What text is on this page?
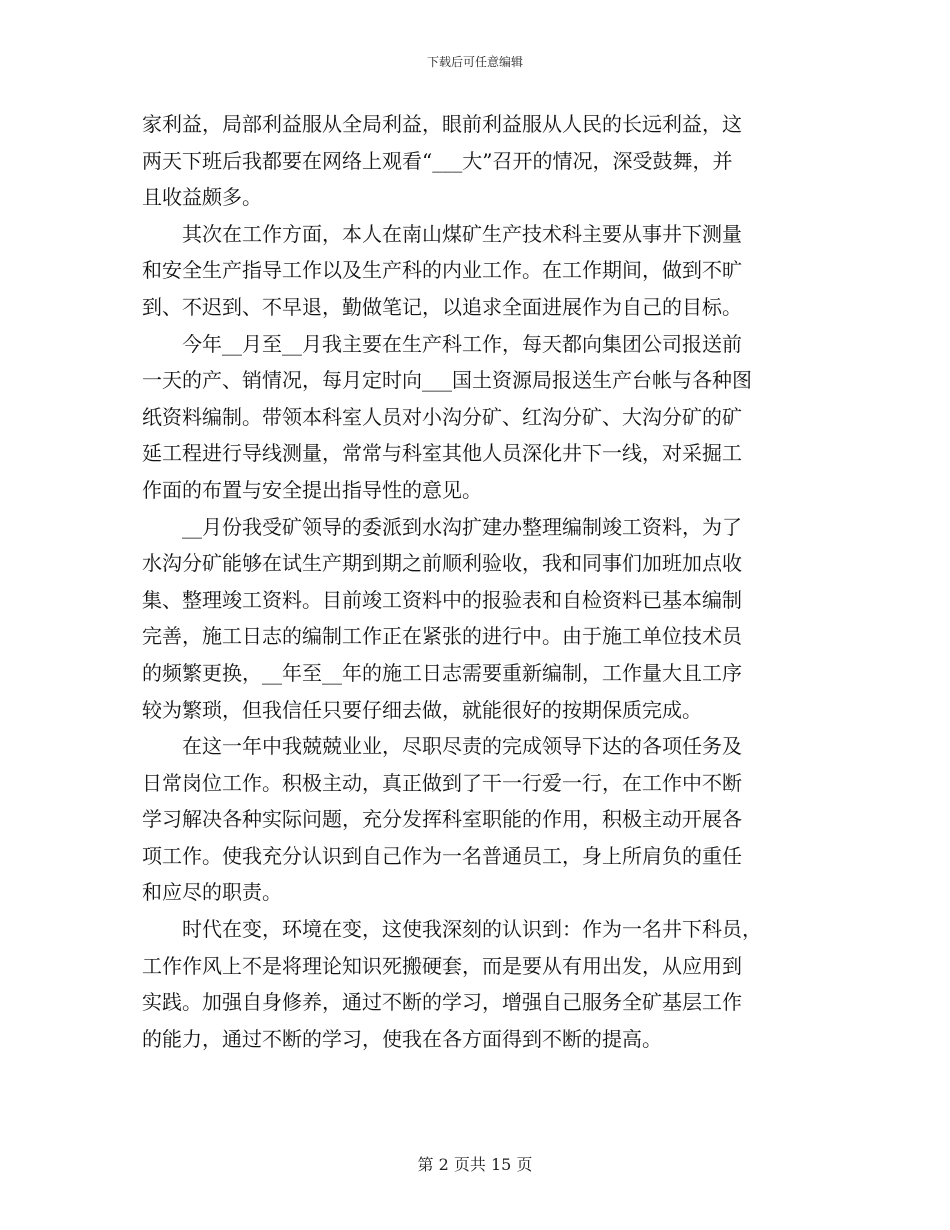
下载后可任意编辑
家利益，局部利益服从全局利益，眼前利益服从人民的长远利益，这
两天下班后我都要在网络上观看“___大”召开的情况，深受鼓舞，并
且收益颇多。
　　其次在工作方面，本人在南山煤矿生产技术科主要从事井下测量
和安全生产指导工作以及生产科的内业工作。在工作期间，做到不旷
到、不迟到、不早退，勤做笔记，以追求全面进展作为自己的目标。
　　今年__月至__月我主要在生产科工作，每天都向集团公司报送前
一天的产、销情况，每月定时向___国土资源局报送生产台帐与各种图
纸资料编制。带领本科室人员对小沟分矿、红沟分矿、大沟分矿的矿
延工程进行导线测量，常常与科室其他人员深化井下一线，对采掘工
作面的布置与安全提出指导性的意见。
　　__月份我受矿领导的委派到水沟扩建办整理编制竣工资料，为了
水沟分矿能够在试生产期到期之前顺利验收，我和同事们加班加点收
集、整理竣工资料。目前竣工资料中的报验表和自检资料已基本编制
完善，施工日志的编制工作正在紧张的进行中。由于施工单位技术员
的频繁更换，__年至__年的施工日志需要重新编制，工作量大且工序
较为繁琐，但我信任只要仔细去做，就能很好的按期保质完成。
　　在这一年中我兢兢业业，尽职尽责的完成领导下达的各项任务及
日常岗位工作。积极主动，真正做到了干一行爱一行，在工作中不断
学习解决各种实际问题，充分发挥科室职能的作用，积极主动开展各
项工作。使我充分认识到自己作为一名普通员工，身上所肩负的重任
和应尽的职责。
　　时代在变，环境在变，这使我深刻的认识到：作为一名井下科员，
工作作风上不是将理论知识死搬硬套，而是要从有用出发，从应用到
实践。加强自身修养，通过不断的学习，增强自己服务全矿基层工作
的能力，通过不断的学习，使我在各方面得到不断的提高。
第 2 页共 15 页
